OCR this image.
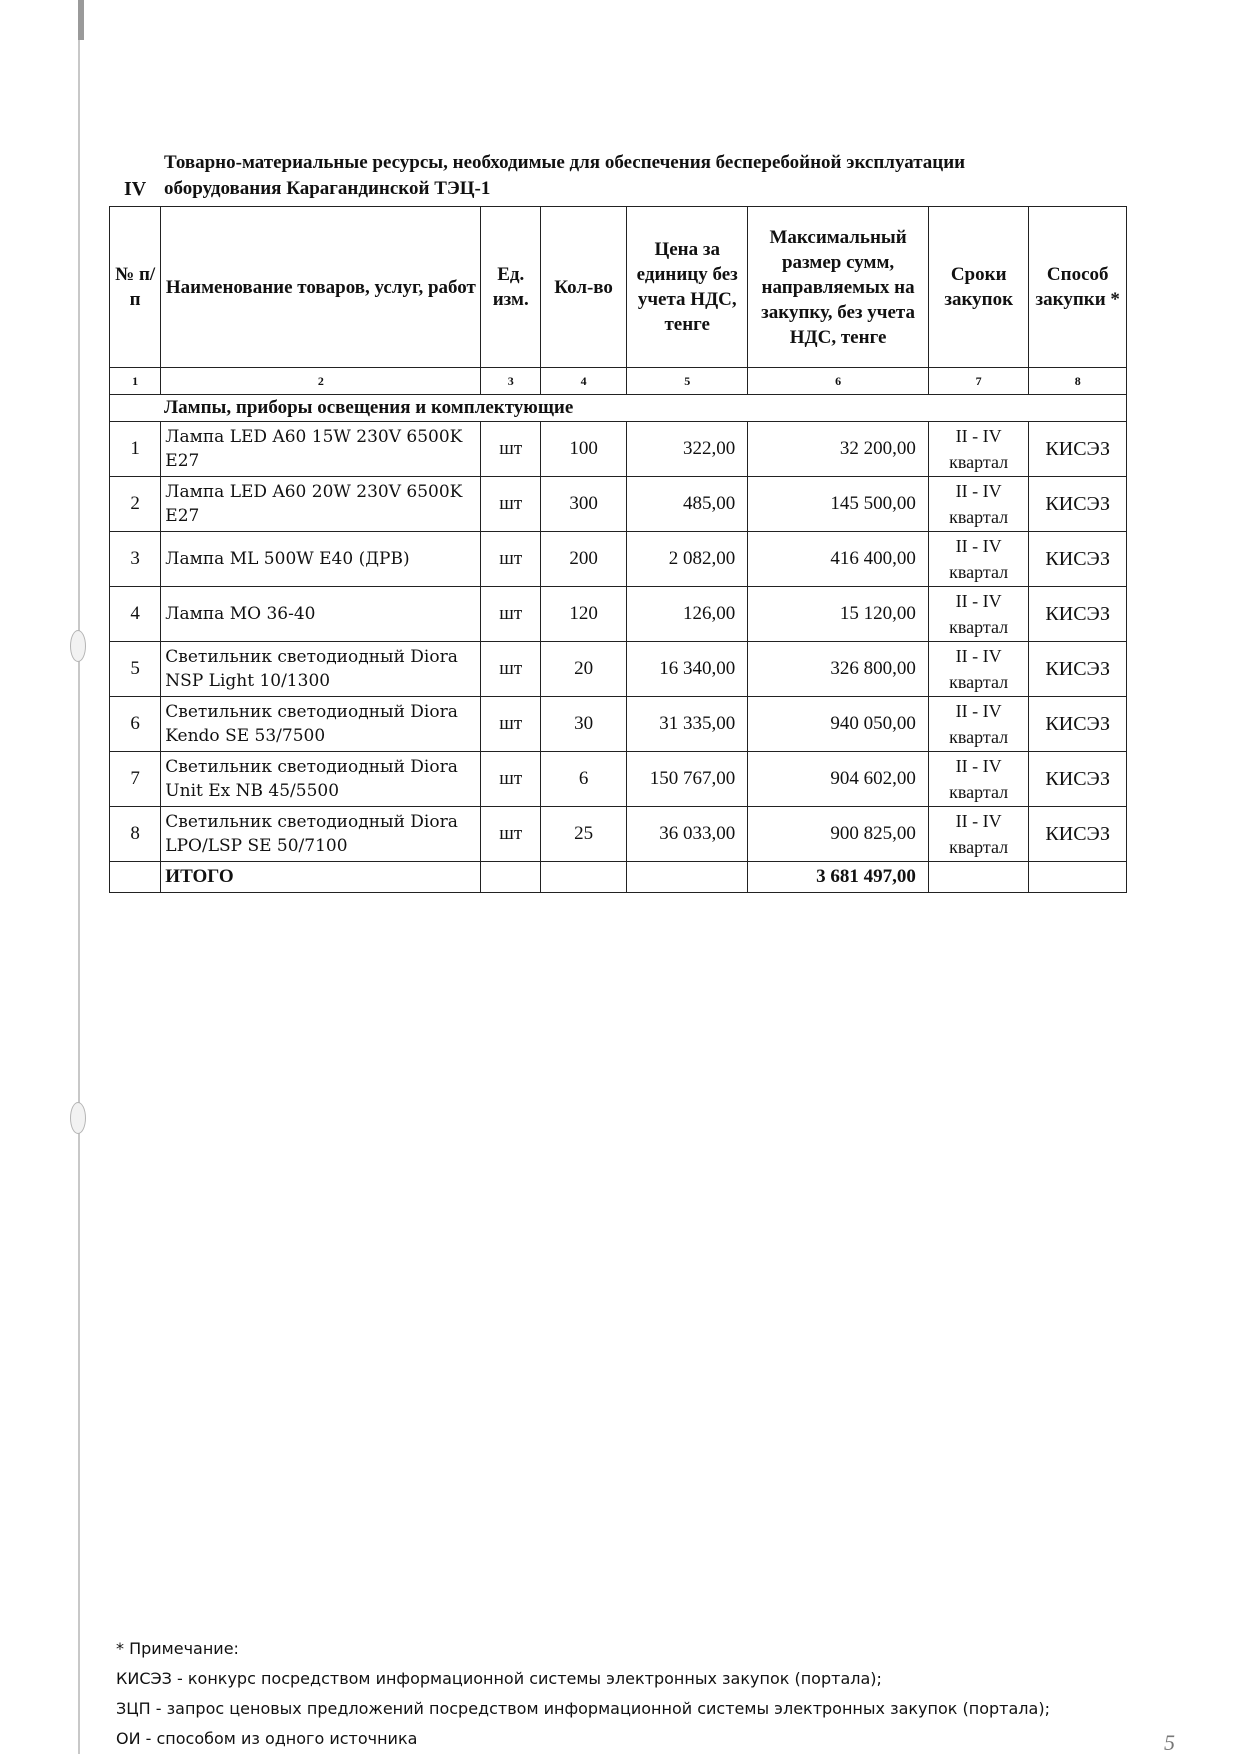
IV
Товарно-материальные ресурсы, необходимые для обеспечения бесперебойной эксплуатации оборудования Карагандинской ТЭЦ-1
№ п/п	Наименование товаров, услуг, работ	Ед. изм.	Кол-во	Цена за единицу без учета НДС, тенге	Максимальный размер сумм, направляемых на закупку, без учета НДС, тенге	Сроки закупок	Способ закупки *
1	2	3	4	5	6	7	8
Лампы, приборы освещения и комплектующие							
1	Лампа LED A60 15W 230V 6500K E27	шт	100	322,00	32 200,00	II - IV квартал	КИСЭЗ
2	Лампа LED A60 20W 230V 6500K E27	шт	300	485,00	145 500,00	II - IV квартал	КИСЭЗ
3	Лампа ML 500W E40 (ДРВ)	шт	200	2 082,00	416 400,00	II - IV квартал	КИСЭЗ
4	Лампа МО 36-40	шт	120	126,00	15 120,00	II - IV квартал	КИСЭЗ
5	Светильник светодиодный Diora NSP Light 10/1300	шт	20	16 340,00	326 800,00	II - IV квартал	КИСЭЗ
6	Светильник светодиодный Diora Kendo SE 53/7500	шт	30	31 335,00	940 050,00	II - IV квартал	КИСЭЗ
7	Светильник светодиодный Diora Unit Ex NB 45/5500	шт	6	150 767,00	904 602,00	II - IV квартал	КИСЭЗ
8	Светильник светодиодный Diora LPO/LSP SE 50/7100	шт	25	36 033,00	900 825,00	II - IV квартал	КИСЭЗ
	ИТОГО				3 681 497,00		
* Примечание:
КИСЭЗ - конкурс посредством информационной системы электронных закупок (портала);
ЗЦП - запрос ценовых предложений посредством информационной системы электронных закупок (портала);
ОИ - способом из одного источника	5
